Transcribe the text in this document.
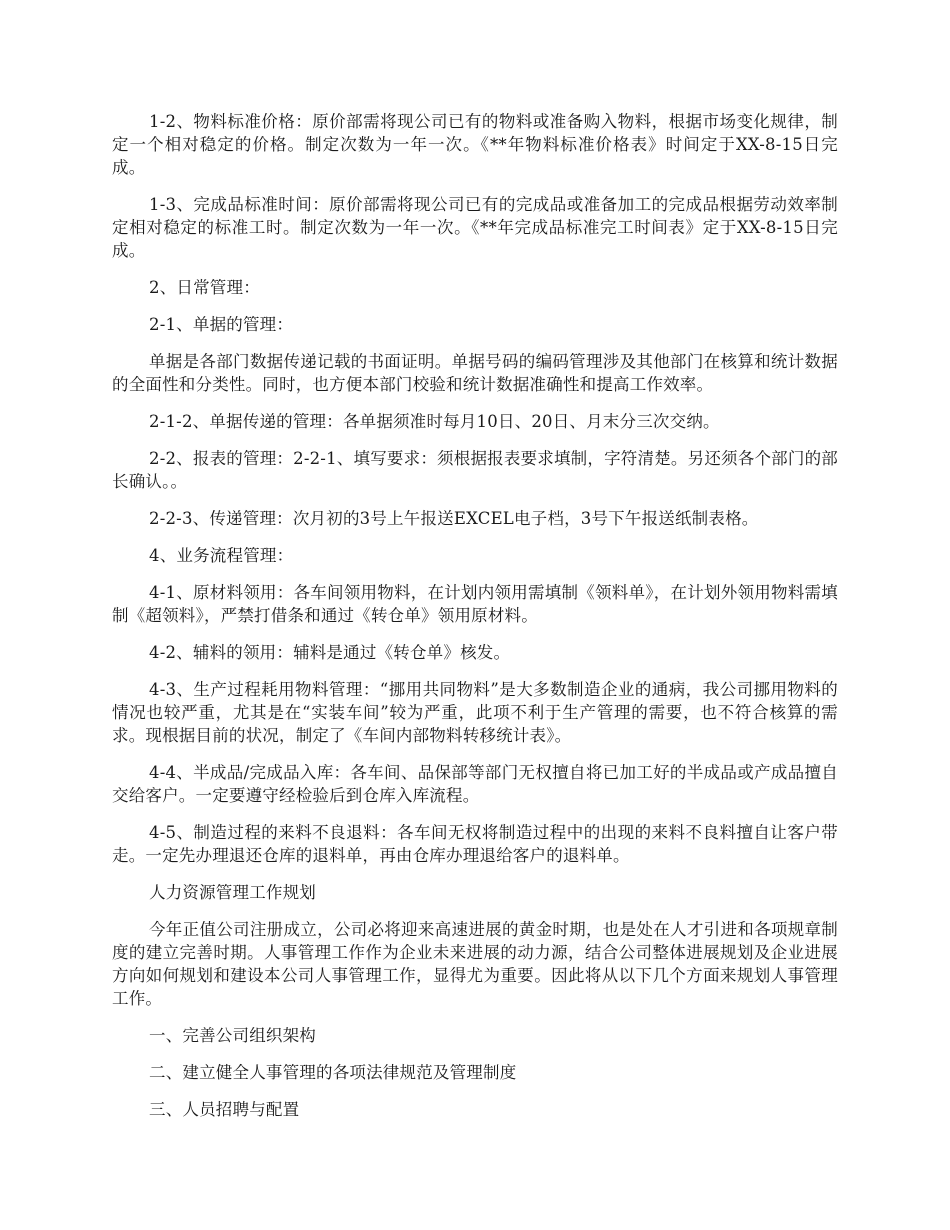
1-2、物料标准价格：原价部需将现公司已有的物料或准备购入物料，根据市场变化规律，制定一个相对稳定的价格。制定次数为一年一次。《**年物料标准价格表》时间定于XX-8-15日完成。

1-3、完成品标准时间：原价部需将现公司已有的完成品或准备加工的完成品根据劳动效率制定相对稳定的标准工时。制定次数为一年一次。《**年完成品标准完工时间表》定于XX-8-15日完成。

2、日常管理：

2-1、单据的管理：

单据是各部门数据传递记载的书面证明。单据号码的编码管理涉及其他部门在核算和统计数据的全面性和分类性。同时，也方便本部门校验和统计数据准确性和提高工作效率。

2-1-2、单据传递的管理：各单据须准时每月10日、20日、月末分三次交纳。

2-2、报表的管理：2-2-1、填写要求：须根据报表要求填制，字符清楚。另还须各个部门的部长确认。。

2-2-3、传递管理：次月初的3号上午报送EXCEL电子档，3号下午报送纸制表格。

4、业务流程管理：

4-1、原材料领用：各车间领用物料，在计划内领用需填制《领料单》，在计划外领用物料需填制《超领料》，严禁打借条和通过《转仓单》领用原材料。

4-2、辅料的领用：辅料是通过《转仓单》核发。

4-3、生产过程耗用物料管理：“挪用共同物料”是大多数制造企业的通病，我公司挪用物料的情况也较严重，尤其是在“实装车间”较为严重，此项不利于生产管理的需要，也不符合核算的需求。现根据目前的状况，制定了《车间内部物料转移统计表》。

4-4、半成品/完成品入库：各车间、品保部等部门无权擅自将已加工好的半成品或产成品擅自交给客户。一定要遵守经检验后到仓库入库流程。

4-5、制造过程的来料不良退料：各车间无权将制造过程中的出现的来料不良料擅自让客户带走。一定先办理退还仓库的退料单，再由仓库办理退给客户的退料单。

人力资源管理工作规划

今年正值公司注册成立，公司必将迎来高速进展的黄金时期，也是处在人才引进和各项规章制度的建立完善时期。人事管理工作作为企业未来进展的动力源，结合公司整体进展规划及企业进展方向如何规划和建设本公司人事管理工作，显得尤为重要。因此将从以下几个方面来规划人事管理工作。

一、完善公司组织架构

二、建立健全人事管理的各项法律规范及管理制度

三、人员招聘与配置
